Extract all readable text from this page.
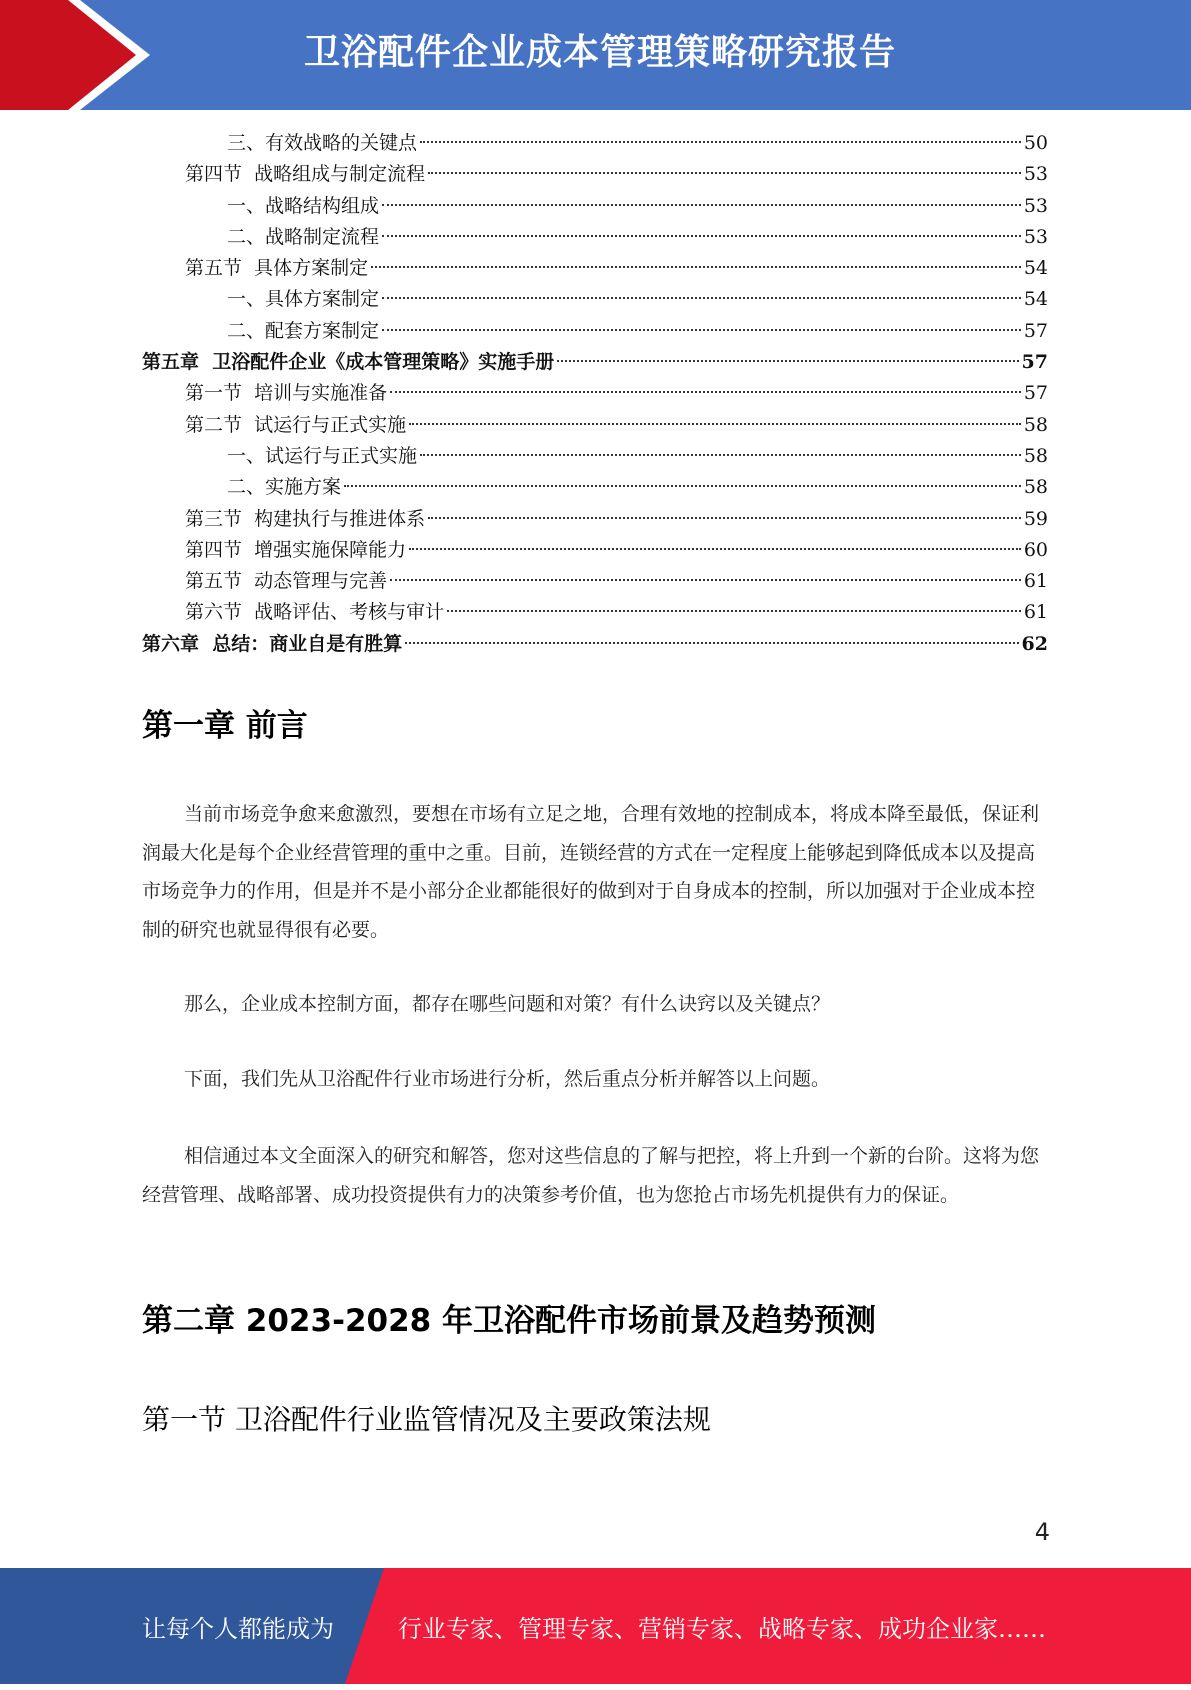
卫浴配件企业成本管理策略研究报告
三、有效战略的关键点	50
第四节  战略组成与制定流程	53
一、战略结构组成	53
二、战略制定流程	53
第五节  具体方案制定	54
一、具体方案制定	54
二、配套方案制定	57
第五章  卫浴配件企业《成本管理策略》实施手册	57
第一节  培训与实施准备	57
第二节  试运行与正式实施	58
一、试运行与正式实施	58
二、实施方案	58
第三节  构建执行与推进体系	59
第四节  增强实施保障能力	60
第五节  动态管理与完善	61
第六节  战略评估、考核与审计	61
第六章  总结：商业自是有胜算	62
第一章 前言
当前市场竞争愈来愈激烈，要想在市场有立足之地，合理有效地的控制成本，将成本降至最低，保证利润最大化是每个企业经营管理的重中之重。目前，连锁经营的方式在一定程度上能够起到降低成本以及提高市场竞争力的作用，但是并不是小部分企业都能很好的做到对于自身成本的控制，所以加强对于企业成本控制的研究也就显得很有必要。
那么，企业成本控制方面，都存在哪些问题和对策？有什么诀窍以及关键点？
下面，我们先从卫浴配件行业市场进行分析，然后重点分析并解答以上问题。
相信通过本文全面深入的研究和解答，您对这些信息的了解与把控，将上升到一个新的台阶。这将为您经营管理、战略部署、成功投资提供有力的决策参考价值，也为您抢占市场先机提供有力的保证。
第二章 2023-2028 年卫浴配件市场前景及趋势预测
第一节 卫浴配件行业监管情况及主要政策法规
4
让每个人都能成为	行业专家、管理专家、营销专家、战略专家、成功企业家……
